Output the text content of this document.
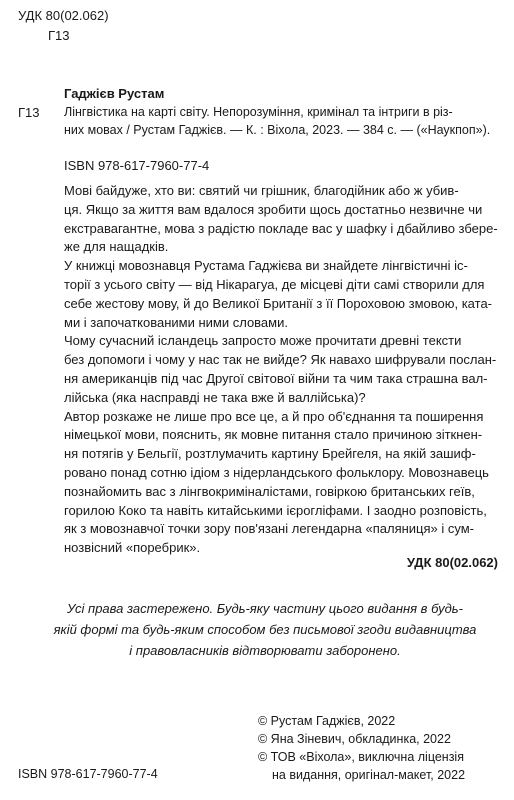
УДК 80(02.062)
Г13
Гаджієв Рустам
Г13 Лінгвістика на карті світу. Непорозуміння, кримінал та інтриги в різ-
них мовах / Рустам Гаджієв. — К. : Віхола, 2023. — 384 с. — («Наукпоп»).
ISBN 978-617-7960-77-4

Мові байдуже, хто ви: святий чи грішник, благодійник або ж убив-
ця. Якщо за життя вам вдалося зробити щось достатньо незвичне чи
екстравагантне, мова з радістю покладе вас у шафку і дбайливо збере-
же для нащадків.

У книжці мовознавця Рустама Гаджієва ви знайдете лінгвістичні іс-
торії з усього світу — від Нікарагуа, де місцеві діти самі створили для
себе жестову мову, й до Великої Британії з її Пороховою змовою, ката-
ми і започаткованими ними словами.

Чому сучасний ісландець запросто може прочитати древні тексти
без допомоги і чому у нас так не вийде? Як навахо шифрували послан-
ня американців під час Другої світової війни та чим така страшна вал-
лійська (яка насправді не така вже й валлійська)?

Автор розкаже не лише про все це, а й про об'єднання та поширення
німецької мови, пояснить, як мовне питання стало причиною зіткнен-
ня потягів у Бельгії, розтлумачить картину Брейгеля, на якій зашиф-
ровано понад сотню ідіом з нідерландського фольклору. Мовознавець
познайомить вас з лінгвокриміналістами, говіркою британських геїв,
горилою Коко та навіть китайськими ієрогліфами. І заодно розповість,
як з мовознавчої точки зору пов'язані легендарна «паляниця» і сум-
нозвісний «поребрик».

УДК 80(02.062)
Усі права застережено. Будь-яку частину цього видання в будь-
якій формі та будь-яким способом без письмової згоди видавництва
і правовласників відтворювати заборонено.
© Рустам Гаджієв, 2022
© Яна Зіневич, обкладинка, 2022
© ТОВ «Віхола», виключна ліцензія
на видання, оригінал-макет, 2022
ISBN 978-617-7960-77-4
